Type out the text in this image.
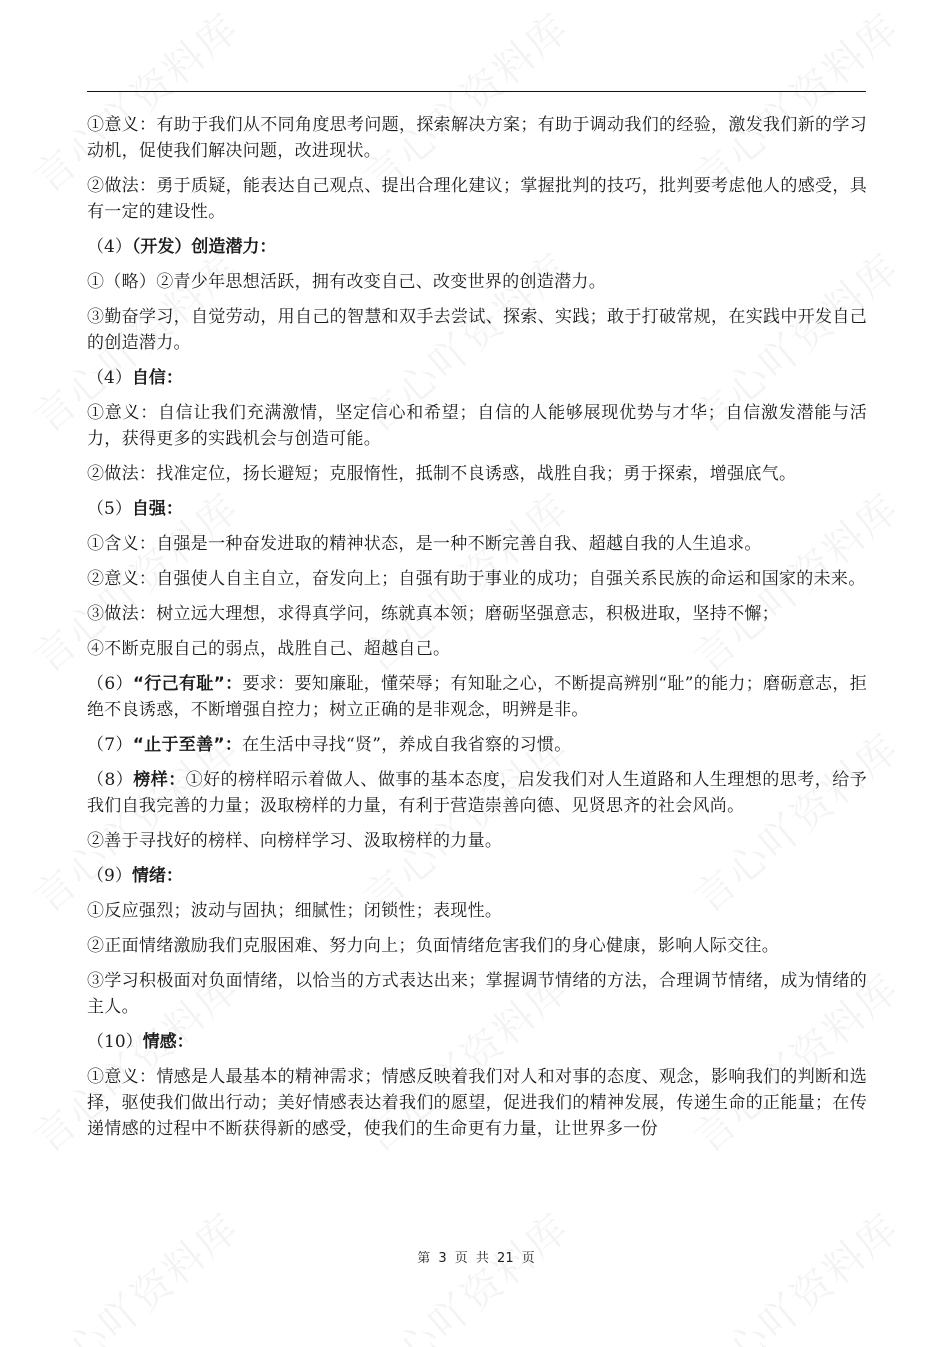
①意义：有助于我们从不同角度思考问题，探索解决方案；有助于调动我们的经验，激发我们新的学习动机，促使我们解决问题，改进现状。

②做法：勇于质疑，能表达自己观点、提出合理化建议；掌握批判的技巧，批判要考虑他人的感受，具有一定的建设性。

（4）（开发）创造潜力：

①（略）②青少年思想活跃，拥有改变自己、改变世界的创造潜力。

③勤奋学习，自觉劳动，用自己的智慧和双手去尝试、探索、实践；敢于打破常规，在实践中开发自己的创造潜力。

（4）自信：

①意义：自信让我们充满激情，坚定信心和希望；自信的人能够展现优势与才华；自信激发潜能与活力，获得更多的实践机会与创造可能。

②做法：找准定位，扬长避短；克服惰性，抵制不良诱惑，战胜自我；勇于探索，增强底气。

（5）自强：

①含义：自强是一种奋发进取的精神状态，是一种不断完善自我、超越自我的人生追求。

②意义：自强使人自主自立，奋发向上；自强有助于事业的成功；自强关系民族的命运和国家的未来。

③做法：树立远大理想，求得真学问，练就真本领；磨砺坚强意志，积极进取，坚持不懈；

④不断克服自己的弱点，战胜自己、超越自己。

（6）“行己有耻”：要求：要知廉耻，懂荣辱；有知耻之心，不断提高辨别“耻”的能力；磨砺意志，拒绝不良诱惑，不断增强自控力；树立正确的是非观念，明辨是非。

（7）“止于至善”：在生活中寻找“贤”，养成自我省察的习惯。

（8）榜样：①好的榜样昭示着做人、做事的基本态度，启发我们对人生道路和人生理想的思考，给予我们自我完善的力量；汲取榜样的力量，有利于营造崇善向德、见贤思齐的社会风尚。

②善于寻找好的榜样、向榜样学习、汲取榜样的力量。

（9）情绪：

①反应强烈；波动与固执；细腻性；闭锁性；表现性。

②正面情绪激励我们克服困难、努力向上；负面情绪危害我们的身心健康，影响人际交往。

③学习积极面对负面情绪，以恰当的方式表达出来；掌握调节情绪的方法，合理调节情绪，成为情绪的主人。

（10）情感：

①意义：情感是人最基本的精神需求；情感反映着我们对人和对事的态度、观念，影响我们的判断和选择，驱使我们做出行动；美好情感表达着我们的愿望，促进我们的精神发展，传递生命的正能量；在传递情感的过程中不断获得新的感受，使我们的生命更有力量，让世界多一份

第 3 页 共 21 页
